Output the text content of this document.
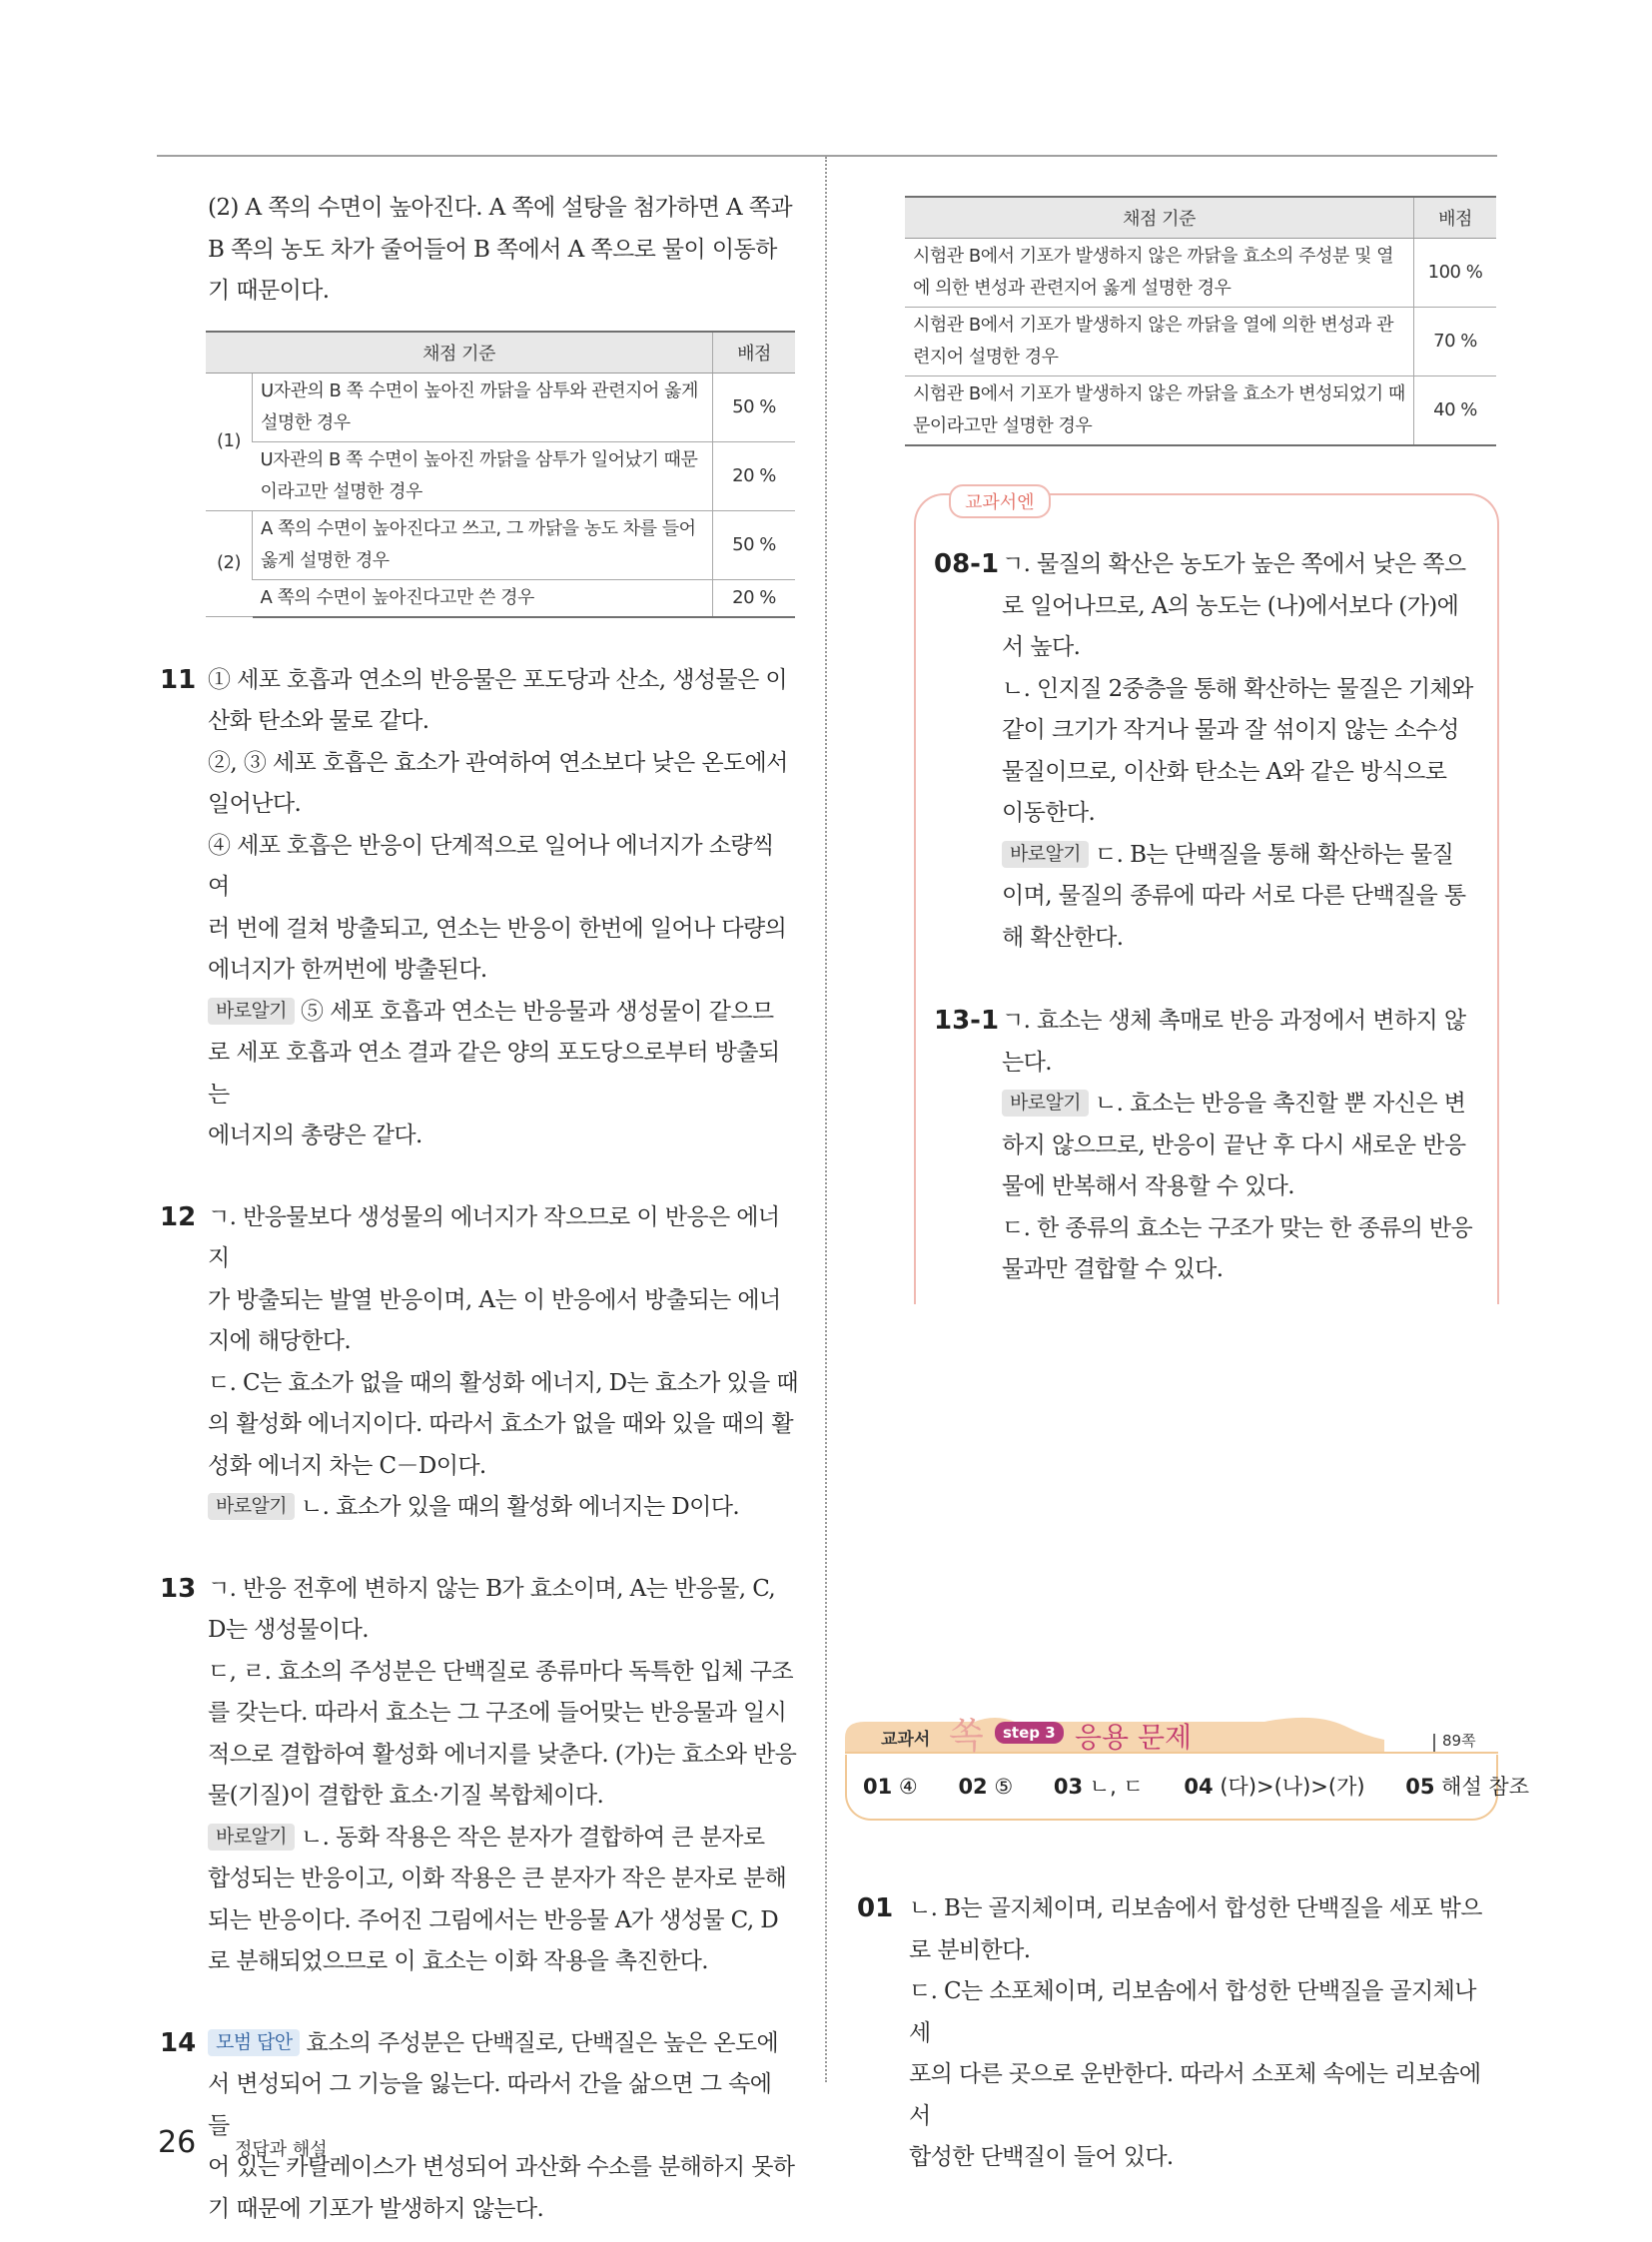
(2) A 쪽의 수면이 높아진다. A 쪽에 설탕을 첨가하면 A 쪽과

B 쪽의 농도 차가 줄어들어 B 쪽에서 A 쪽으로 물이 이동하

기 때문이다.

채점 기준		배점
(1)	U자관의 B 쪽 수면이 높아진 까닭을 삼투와 관련지어 옳게 설명한 경우	50 %
	U자관의 B 쪽 수면이 높아진 까닭을 삼투가 일어났기 때문이라고만 설명한 경우	20 %
(2)	A 쪽의 수면이 높아진다고 쓰고, 그 까닭을 농도 차를 들어 옳게 설명한 경우	50 %
	A 쪽의 수면이 높아진다고만 쓴 경우	20 %
11 ① 세포 호흡과 연소의 반응물은 포도당과 산소, 생성물은 이

산화 탄소와 물로 같다.

②, ③ 세포 호흡은 효소가 관여하여 연소보다 낮은 온도에서

일어난다.

④ 세포 호흡은 반응이 단계적으로 일어나 에너지가 소량씩 여

러 번에 걸쳐 방출되고, 연소는 반응이 한번에 일어나 다량의

에너지가 한꺼번에 방출된다.

바로알기 ⑤ 세포 호흡과 연소는 반응물과 생성물이 같으므

로 세포 호흡과 연소 결과 같은 양의 포도당으로부터 방출되는

에너지의 총량은 같다.

12 ㄱ. 반응물보다 생성물의 에너지가 작으므로 이 반응은 에너지

가 방출되는 발열 반응이며, A는 이 반응에서 방출되는 에너

지에 해당한다.

ㄷ. C는 효소가 없을 때의 활성화 에너지, D는 효소가 있을 때

의 활성화 에너지이다. 따라서 효소가 없을 때와 있을 때의 활

성화 에너지 차는 C－D이다.

바로알기 ㄴ. 효소가 있을 때의 활성화 에너지는 D이다.

13 ㄱ. 반응 전후에 변하지 않는 B가 효소이며, A는 반응물, C,

D는 생성물이다.

ㄷ, ㄹ. 효소의 주성분은 단백질로 종류마다 독특한 입체 구조

를 갖는다. 따라서 효소는 그 구조에 들어맞는 반응물과 일시

적으로 결합하여 활성화 에너지를 낮춘다. (가)는 효소와 반응

물(기질)이 결합한 효소·기질 복합체이다.

바로알기 ㄴ. 동화 작용은 작은 분자가 결합하여 큰 분자로

합성되는 반응이고, 이화 작용은 큰 분자가 작은 분자로 분해

되는 반응이다. 주어진 그림에서는 반응물 A가 생성물 C, D

로 분해되었으므로 이 효소는 이화 작용을 촉진한다.

14	모범 답안 효소의 주성분은 단백질로, 단백질은 높은 온도에

서 변성되어 그 기능을 잃는다. 따라서 간을 삶으면 그 속에 들

어 있는 카탈레이스가 변성되어 과산화 수소를 분해하지 못하

기 때문에 기포가 발생하지 않는다.

채점 기준	배점
시험관 B에서 기포가 발생하지 않은 까닭을 효소의 주성분 및 열에 의한 변성과 관련지어 옳게 설명한 경우	100 %
시험관 B에서 기포가 발생하지 않은 까닭을 열에 의한 변성과 관련지어 설명한 경우	70 %
시험관 B에서 기포가 발생하지 않은 까닭을 효소가 변성되었기 때문이라고만 설명한 경우	40 %
교과서엔
08-1 ㄱ. 물질의 확산은 농도가 높은 쪽에서 낮은 쪽으

로 일어나므로, A의 농도는 (나)에서보다 (가)에

서 높다.

ㄴ. 인지질 2중층을 통해 확산하는 물질은 기체와

같이 크기가 작거나 물과 잘 섞이지 않는 소수성

물질이므로, 이산화 탄소는 A와 같은 방식으로

이동한다.

바로알기 ㄷ. B는 단백질을 통해 확산하는 물질

이며, 물질의 종류에 따라 서로 다른 단백질을 통

해 확산한다.

13-1 ㄱ. 효소는 생체 촉매로 반응 과정에서 변하지 않

는다.

바로알기 ㄴ. 효소는 반응을 촉진할 뿐 자신은 변

하지 않으므로, 반응이 끝난 후 다시 새로운 반응

물에 반복해서 작용할 수 있다.

ㄷ. 한 종류의 효소는 구조가 맞는 한 종류의 반응

물과만 결합할 수 있다.

교과서 쏙	step 3 응용 문제	89쪽
01 ④ 02 ⑤ 03 ㄴ, ㄷ 04 (다)>(나)>(가) 05 해설 참조
01 ㄴ. B는 골지체이며, 리보솜에서 합성한 단백질을 세포 밖으

로 분비한다.

ㄷ. C는 소포체이며, 리보솜에서 합성한 단백질을 골지체나 세

포의 다른 곳으로 운반한다. 따라서 소포체 속에는 리보솜에서

합성한 단백질이 들어 있다.

26 정답과 해설
